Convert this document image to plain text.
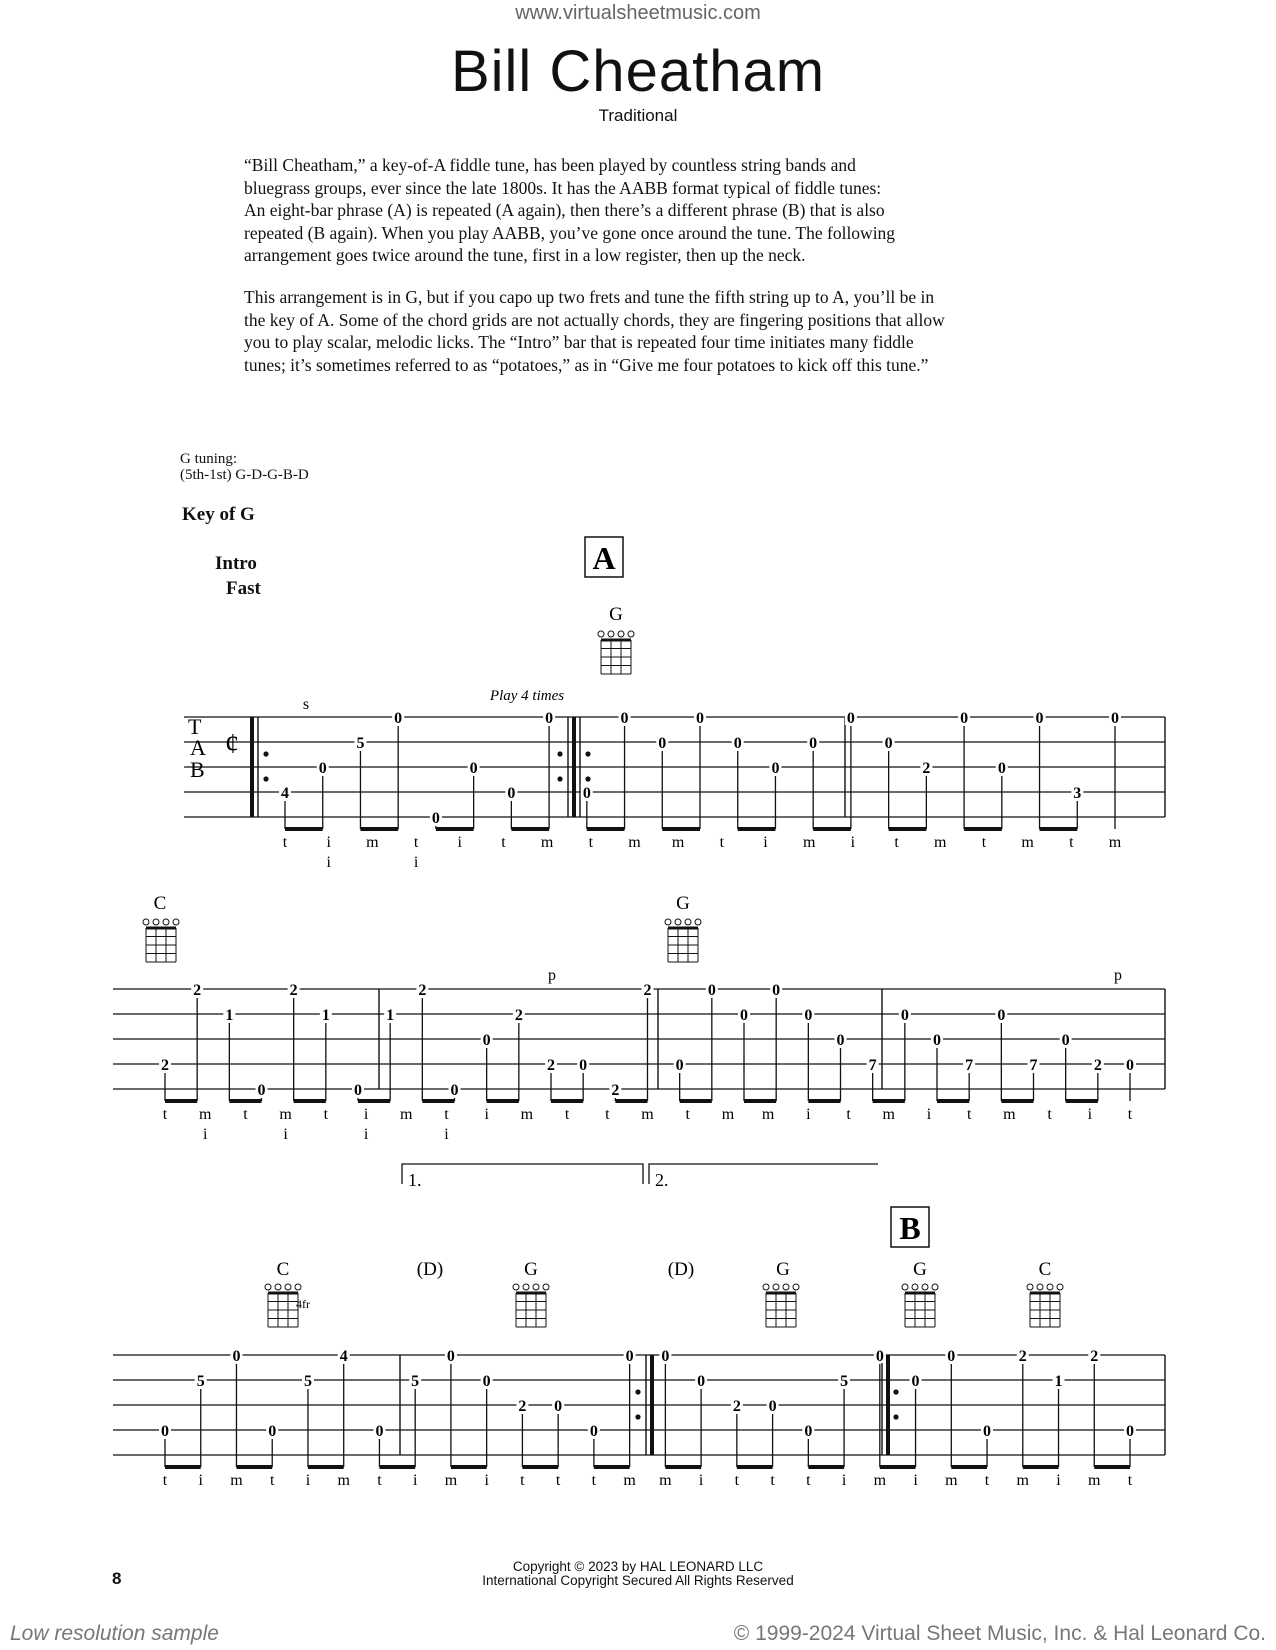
www.virtualsheetmusic.com
Bill Cheatham
Traditional
“Bill Cheatham,” a key-of-A fiddle tune, has been played by countless string bands and
bluegrass groups, ever since the late 1800s. It has the AABB format typical of fiddle tunes:
An eight-bar phrase (A) is repeated (A again), then there’s a different phrase (B) that is also
repeated (B again). When you play AABB, you’ve gone once around the tune. The following
arrangement goes twice around the tune, first in a low register, then up the neck.
This arrangement is in G, but if you capo up two frets and tune the fifth string up to A, you’ll be in
the key of A. Some of the chord grids are not actually chords, they are fingering positions that allow
you to play scalar, melodic licks. The “Intro” bar that is repeated four time initiates many fiddle
tunes; it’s sometimes referred to as “potatoes,” as in “Give me four potatoes to kick off this tune.”
G tuning:
(5th-1st) G-D-G-B-D
Key of G
Intro
Fast
T
A
B
¢
A
B
Play 4 times
s
p	p
1.	2.
G
C	G
C	(D)	G	(D)	G	G	C
4fr
4
0
5
0
0
0
0
0
0
0
0
0
0
0
0
0
0
2
0
0
0
3
0
t i m t i t m t m m t i m i t m t m t m
i	i
2
2
1
0
2
1
0
1
2
0
0
2
2 0
2
2
0
0
0
0
0
0
7
0
0
7
0
7
0
2 0
t m t m t i m t i m t t m t m m i t m i t m t i t
i	i	i	i
0
5
0
0
5
4
0
5
0
0
2 0
0
0 0
0
2 0
0
5
0
0
0
0
2
1
2
0
t i m t i m t i m i t t t m m i t t t i m i m t m i m t
Copyright © 2023 by HAL LEONARD LLC
International Copyright Secured All Rights Reserved
8
Low resolution sample	© 1999-2024 Virtual Sheet Music, Inc. & Hal Leonard Co.
